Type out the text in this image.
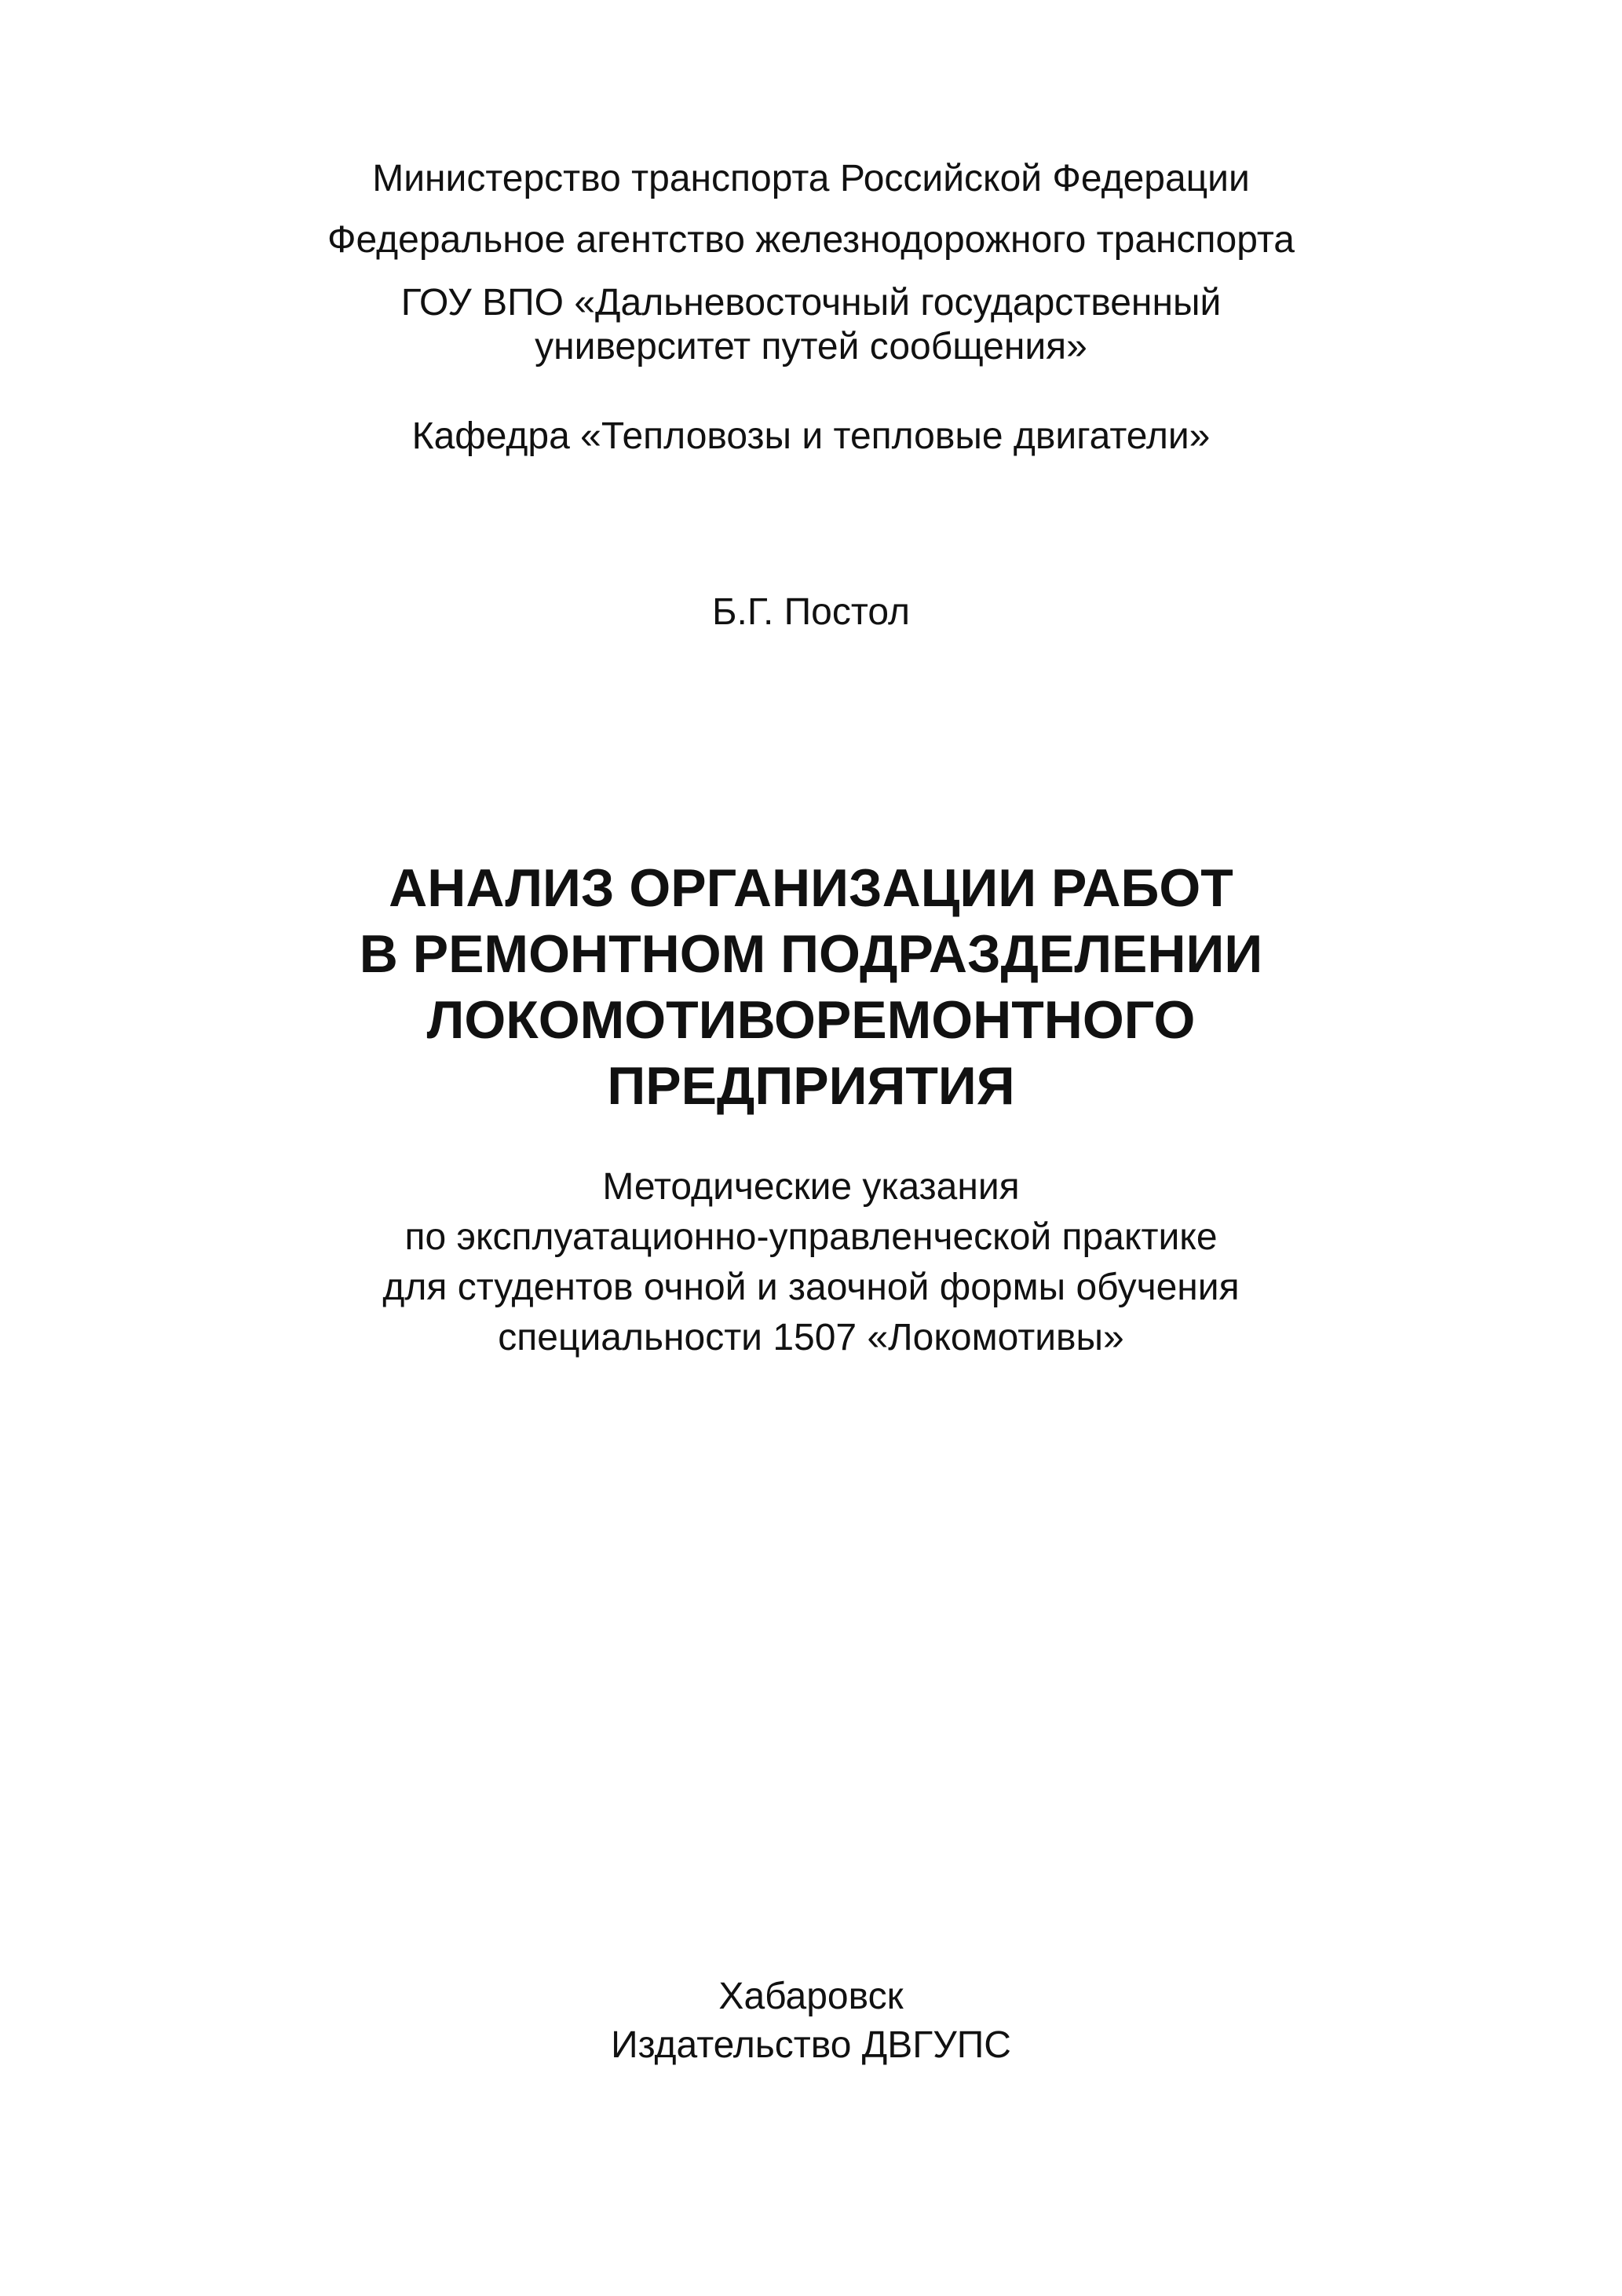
Министерство транспорта Российской Федерации

Федеральное агентство железнодорожного транспорта

ГОУ ВПО «Дальневосточный государственный

университет путей сообщения»

Кафедра «Тепловозы и тепловые двигатели»

Б.Г. Постол

АНАЛИЗ ОРГАНИЗАЦИИ РАБОТ

В РЕМОНТНОМ ПОДРАЗДЕЛЕНИИ

ЛОКОМОТИВОРЕМОНТНОГО

ПРЕДПРИЯТИЯ

Методические указания

по эксплуатационно-управленческой практике

для студентов очной и заочной формы обучения

специальности 1507 «Локомотивы»

Хабаровск

Издательство ДВГУПС
